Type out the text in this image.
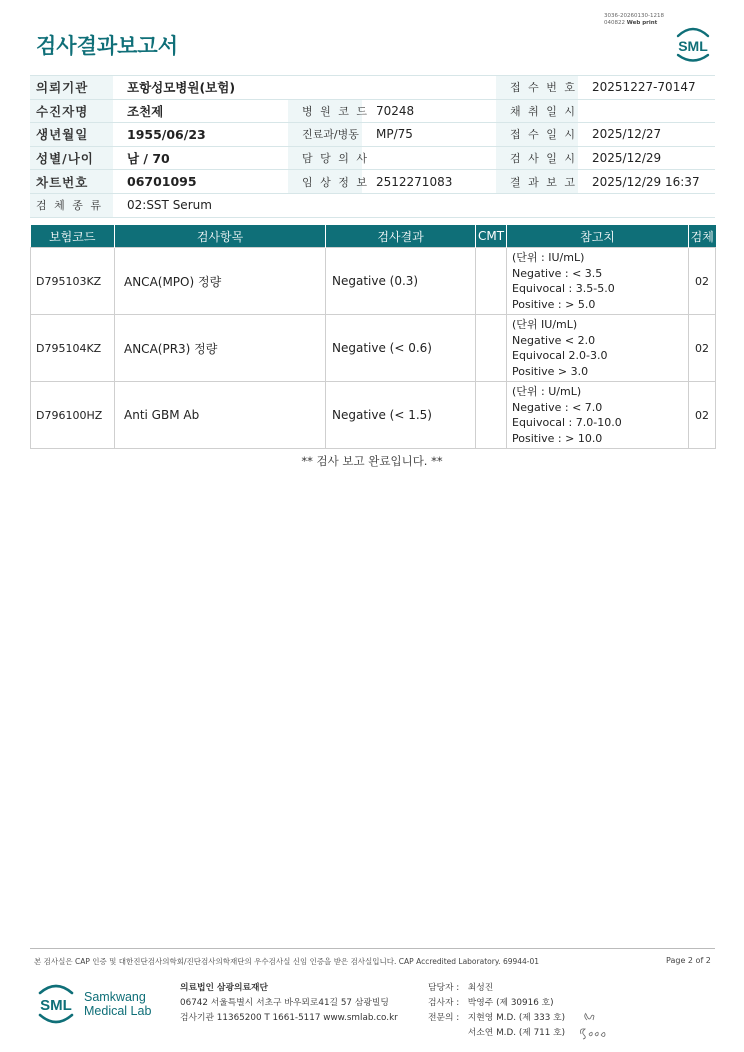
검사결과보고서
3036-20260130-1218
040822 Web print
SML
의뢰기관	포항성모병원(보험)			접 수 번 호	20251227-70147
수진자명	조천제	병 원 코 드	70248	채 취 일 시	
생년월일	1955/06/23	진료과/병동	MP/75	접 수 일 시	2025/12/27
성별/나이	남 / 70	담 당 의 사		검 사 일 시	2025/12/29
차트번호	06701095	임 상 정 보	2512271083	결 과 보 고	2025/12/29 16:37
검 체 종 류	02:SST Serum				
보험코드	검사항목	검사결과	CMT	참고치	검체
D795103KZ	ANCA(MPO) 정량	Negative (0.3)		(단위 : IU/mL)
Negative : < 3.5
Equivocal : 3.5-5.0
Positive : > 5.0	02
D795104KZ	ANCA(PR3) 정량	Negative (< 0.6)		(단위 IU/mL)
Negative < 2.0
Equivocal 2.0-3.0
Positive > 3.0	02
D796100HZ	Anti GBM Ab	Negative (< 1.5)		(단위 : U/mL)
Negative : < 7.0
Equivocal : 7.0-10.0
Positive : > 10.0	02
** 검사 보고 완료입니다. **
본 검사실은 CAP 인증 및 대한진단검사의학회/진단검사의학재단의 우수검사실 신임 인증을 받은 검사실입니다. CAP Accredited Laboratory. 69944-01	Page 2 of 2
SML Samkwang
Medical Lab
의료법인 삼광의료재단
06742 서울특별시 서초구 바우뫼로41길 57 삼광빌딩
검사기관 11365200 T 1661-5117 www.smlab.co.kr
담당자 : 최성진
검사자 : 박영주 (제 30916 호)
전문의 : 지현영 M.D. (제 333 호)
서소연 M.D. (제 711 호)
